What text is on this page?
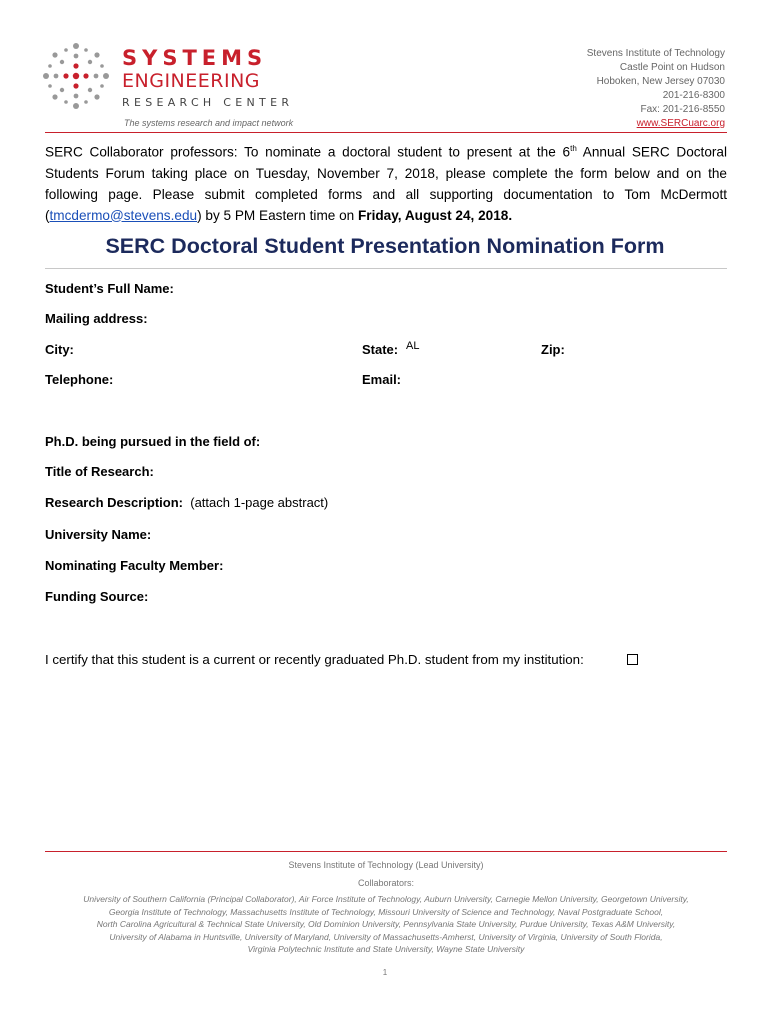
SYSTEMS
ENGINEERING
RESEARCH CENTER
The systems research and impact network
Stevens Institute of Technology
Castle Point on Hudson
Hoboken, New Jersey 07030
201-216-8300
Fax: 201-216-8550
www.SERCuarc.org
SERC Collaborator professors: To nominate a doctoral student to present at the 6th Annual SERC Doctoral Students Forum taking place on Tuesday, November 7, 2018, please complete the form below and on the following page. Please submit completed forms and all supporting documentation to Tom McDermott (tmcdermo@stevens.edu) by 5 PM Eastern time on Friday, August 24, 2018.
SERC Doctoral Student Presentation Nomination Form
Student’s Full Name:
Mailing address:
City:	State: AL	Zip:
Telephone:	Email:
Ph.D. being pursued in the field of:
Title of Research:
Research Description: (attach 1-page abstract)
University Name:
Nominating Faculty Member:
Funding Source:
I certify that this student is a current or recently graduated Ph.D. student from my institution:
Stevens Institute of Technology (Lead University)
Collaborators:
University of Southern California (Principal Collaborator), Air Force Institute of Technology, Auburn University, Carnegie Mellon University, Georgetown University,
Georgia Institute of Technology, Massachusetts Institute of Technology, Missouri University of Science and Technology, Naval Postgraduate School,
North Carolina Agricultural & Technical State University, Old Dominion University, Pennsylvania State University, Purdue University, Texas A&M University,
University of Alabama in Huntsville, University of Maryland, University of Massachusetts-Amherst, University of Virginia, University of South Florida,
Virginia Polytechnic Institute and State University, Wayne State University
1
